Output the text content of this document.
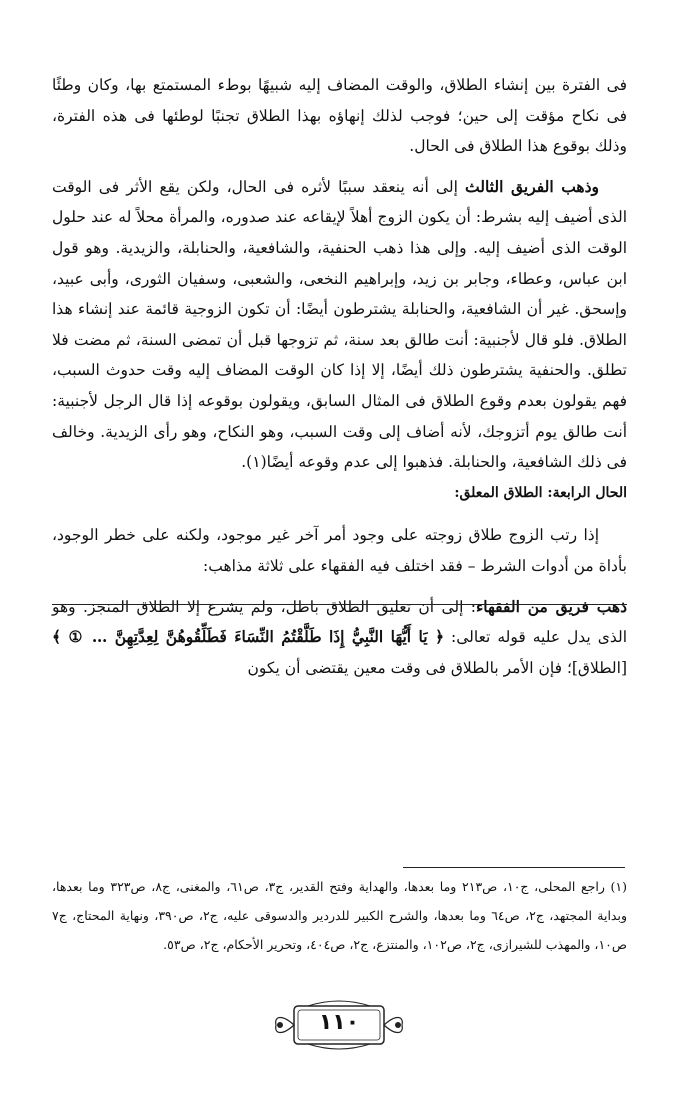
فى الفترة بين إنشاء الطلاق، والوقت المضاف إليه شبيهًا بوطء المستمتع بها، وكان وطئًا فى نكاح مؤقت إلى حين؛ فوجب لذلك إنهاؤه بهذا الطلاق تجنبًا لوطئها فى هذه الفترة، وذلك بوقوع هذا الطلاق فى الحال.

وذهب الفريق الثالث إلى أنه ينعقد سببًا لأثره فى الحال، ولكن يقع الأثر فى الوقت الذى أضيف إليه بشرط: أن يكون الزوج أهلاً لإيقاعه عند صدوره، والمرأة محلاً له عند حلول الوقت الذى أضيف إليه. وإلى هذا ذهب الحنفية، والشافعية، والحنابلة، والزيدية. وهو قول ابن عباس، وعطاء، وجابر بن زيد، وإبراهيم النخعى، والشعبى، وسفيان الثورى، وأبى عبيد، وإسحق. غير أن الشافعية، والحنابلة يشترطون أيضًا: أن تكون الزوجية قائمة عند إنشاء هذا الطلاق. فلو قال لأجنبية: أنت طالق بعد سنة، ثم تزوجها قبل أن تمضى السنة، ثم مضت فلا تطلق. والحنفية يشترطون ذلك أيضًا، إلا إذا كان الوقت المضاف إليه وقت حدوث السبب، فهم يقولون بعدم وقوع الطلاق فى المثال السابق، ويقولون بوقوعه إذا قال الرجل لأجنبية: أنت طالق يوم أتزوجك، لأنه أضاف إلى وقت السبب، وهو النكاح، وهو رأى الزيدية. وخالف فى ذلك الشافعية، والحنابلة. فذهبوا إلى عدم وقوعه أيضًا(١).

الحال الرابعة: الطلاق المعلق:

إذا رتب الزوج طلاق زوجته على وجود أمر آخر غير موجود، ولكنه على خطر الوجود، بأداة من أدوات الشرط – فقد اختلف فيه الفقهاء على ثلاثة مذاهب:

ذهب فريق من الفقهاء: إلى أن تعليق الطلاق باطل، ولم يشرع إلا الطلاق المنجز. وهو الذى يدل عليه قوله تعالى: ﴿ يَا أَيُّهَا النَّبِيُّ إِذَا طَلَّقْتُمُ النِّسَاءَ فَطَلِّقُوهُنَّ لِعِدَّتِهِنَّ … ① ﴾ [الطلاق]؛ فإن الأمر بالطلاق فى وقت معين يقتضى أن يكون

(١) راجع المحلى، ج١٠، ص٢١٣ وما بعدها، والهداية وفتح القدير، ج٣، ص٦١، والمغنى، ج٨، ص٣٢٣ وما بعدها، وبداية المجتهد، ج٢، ص٦٤ وما بعدها، والشرح الكبير للدردير والدسوقى عليه، ج٢، ص٣٩٠، ونهاية المحتاج، ج٧ ص١٠، والمهذب للشيرازى، ج٢، ص١٠٢، والمنتزع، ج٢، ص٤٠٤، وتحرير الأحكام، ج٢، ص٥٣.
١١٠
